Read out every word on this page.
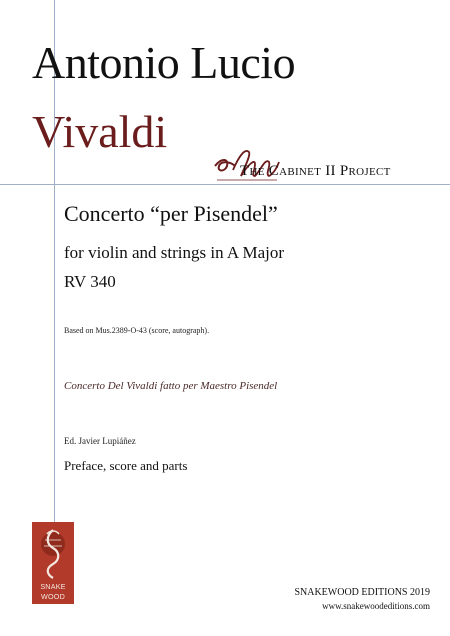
Antonio Lucio
Vivaldi
The Cabinet II Project
Concerto “per Pisendel”
for violin and strings in A Major
RV 340
Based on Mus.2389-O-43 (score, autograph).
Concerto Del Vivaldi fatto per Maestro Pisendel
Ed. Javier Lupiáñez
Preface, score and parts
SNAKE
WOOD	SNAKEWOOD EDITIONS 2019
www.snakewoodeditions.com
